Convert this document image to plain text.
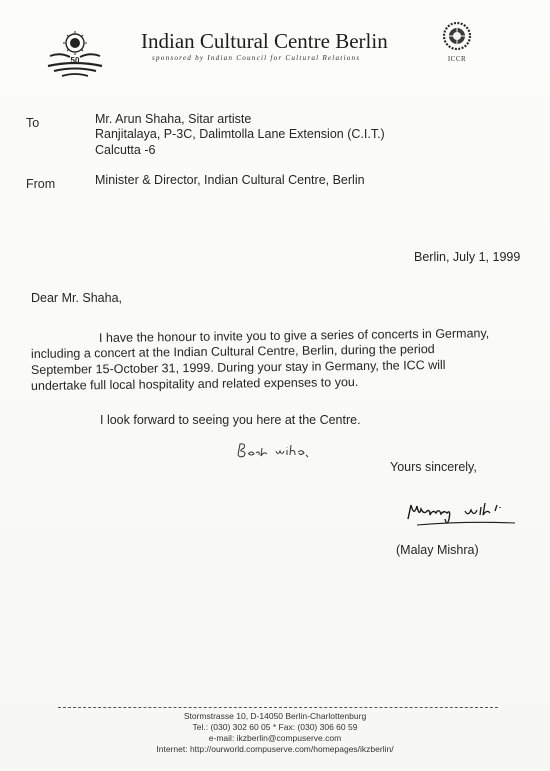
50
Indian Cultural Centre Berlin
sponsored by Indian Council for Cultural Relations	ICCR
To	Mr. Arun Shaha, Sitar artiste
Ranjitalaya, P-3C, Dalimtolla Lane Extension (C.I.T.)
Calcutta -6
From	Minister & Director, Indian Cultural Centre, Berlin
Berlin, July 1, 1999
Dear Mr. Shaha,
I have the honour to invite you to give a series of concerts in Germany,
including a concert at the Indian Cultural Centre, Berlin, during the period
September 15-October 31, 1999. During your stay in Germany, the ICC will
undertake full local hospitality and related expenses to you.
I look forward to seeing you here at the Centre.
Yours sincerely,
(Malay Mishra)
Stormstrasse 10, D-14050 Berlin-Charlottenburg
Tel.: (030) 302 60 05 * Fax: (030) 306 60 59
e-mail: ikzberlin@compuserve.com
Internet: http://ourworld.compuserve.com/homepages/ikzberlin/
